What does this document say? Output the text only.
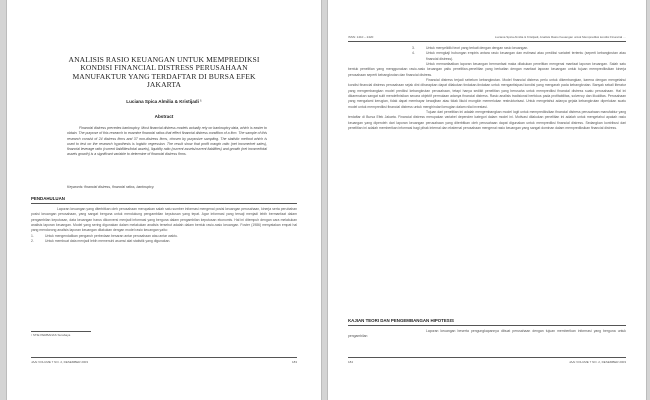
ANALISIS RASIO KEUANGAN UNTUK MEMPREDIKSI KONDISI FINANCIAL DISTRESS PERUSAHAAN MANUFAKTUR YANG TERDAFTAR DI BURSA EFEK JAKARTA
Luciana Spica Almilia & Kristijadi ¹
Abstract
Financial distress precedes bankruptcy. Most financial distress models actually rely on bankruptcy data, which is easier to obtain. The purpose of this research to examine financial ratios that effect financial distress condition of a firm. The sample of this research consist of 24 distress firms and 37 non-distress firms, chosen by purposive sampling. The statistic method which is used to test on the research hypothesis is logistic regression. The result show that profit margin ratio (net income/net sales), financial leverage ratio (current liabilities/total assets), liquidity ratio (current assets/current liabilities) and growth (net income/total assets growth) is a significant variable to determine of financial distress firms.
Keywords: financial distress, financial ratios, bankruptcy.
PENDAHULUAN

Laporan keuangan yang diterbitkan oleh perusahaan merupakan salah satu sumber informasi mengenai posisi keuangan perusahaan, kinerja serta perubahan posisi keuangan perusahaan, yang sangat berguna untuk mendukung pengambilan keputusan yang tepat. Agar informasi yang tersaji menjadi lebih bermanfaat dalam pengambilan keputusan, data keuangan harus dikonversi menjadi informasi yang berguna dalam pengambilan keputusan ekonomis. Hal ini ditempuh dengan cara melakukan analisis laporan keuangan. Model yang sering digunakan dalam melakukan analisis tersebut adalah dalam bentuk rasio-rasio keuangan. Foster (1986) menyatakan empat hal yang mendorong analisis laporan keuangan dilakukan dengan model rasio keuangan yaitu:

1.	Untuk mengendalikan pengaruh perbedaan besaran antar perusahaan atau antar waktu.
2.	Untuk membuat data menjadi lebih memenuhi asumsi alat statistik yang digunakan.
¹ STIE PERBANAS Surabaya
JAAI VOLUME 7 NO. 2, DESEMBER 2003	183
ISSN: 1410 – 2420	Luciana Spica Almilia & Kristijadi, Analisis Rasio Keuangan untuk Memprediksi kondisi Financial …
3.	Untuk menyelidiki teori yang terkait dengan dengan rasio keuangan.
4.	Untuk mengkaji hubungan empiris antara rasio keuangan dan estimasi atau prediksi variabel tertentu (seperti kebangkrutan atau financial distress).

Untuk memanfaatkan laporan keuangan bermanfaat maka dilakukan penelitian mengenai manfaat laporan keuangan. Salah satu bentuk penelitian yang menggunakan rasio-rasio keuangan yaitu penelitian-penelitian yang berkaitan dengan manfaat laporan keuangan untuk tujuan memprediksikan kinerja perusahaan seperti kebangkrutan dan financial distress.

Financial distress terjadi sebelum kebangkrutan. Model financial distress perlu untuk dikembangkan, karena dengan mengetahui kondisi financial distress perusahaan sejak dini diharapkan dapat dilakukan tindakan-tindakan untuk mengantisipasi kondisi yang mengarah pada kebangkrutan. Banyak sekali literatur yang mengembangkan model prediksi kebangkrutan perusahaan, tetapi hanya sedikit penelitian yang berusaha untuk memprediksi financial distress suatu perusahaan. Hal ini dikarenakan sangat sulit mendefinisikan secara objektif permulaan adanya financial distress. Rasio analisis tradisional berfokus pada profitabilitas, solvency dan likuiditas. Perusahaan yang mengalami kerugian, tidak dapat membayar kewajiban atau tidak likuid mungkin memerlukan restrukturisasi. Untuk mengetahui adanya gejala kebangkrutan diperlukan suatu model untuk memprediksi financial distress untuk menghindari kerugian dalam nilai investasi.

Tujuan dari penelitian ini adalah mengembangkan model logit untuk memprediksikan financial distress perusahaan manufaktur yang terdaftar di Bursa Efek Jakarta. Financial distress merupakan variabel dependen kategori dalam model ini. Motivasi dilakukan penelitian ini adalah untuk mengetahui apakah rasio keuangan yang diperoleh dari laporan keuangan perusahaan yang diterbitkan oleh perusahaan dapat digunakan untuk memprediksi financial distress. Sedangkan kontribusi dari penelitian ini adalah memberikan informasi bagi pihak internal dan eksternal perusahaan mengenai rasio keuangan yang sangat dominan dalam memprediksikan financial distress.

KAJIAN TEORI DAN PENGEMBANGAN HIPOTESIS

Laporan keuangan beserta pengungkapannya dibuat perusahaan dengan tujuan memberikan informasi yang berguna untuk pengambilan

184	JAAI VOLUME 7 NO. 2, DESEMBER 2003
